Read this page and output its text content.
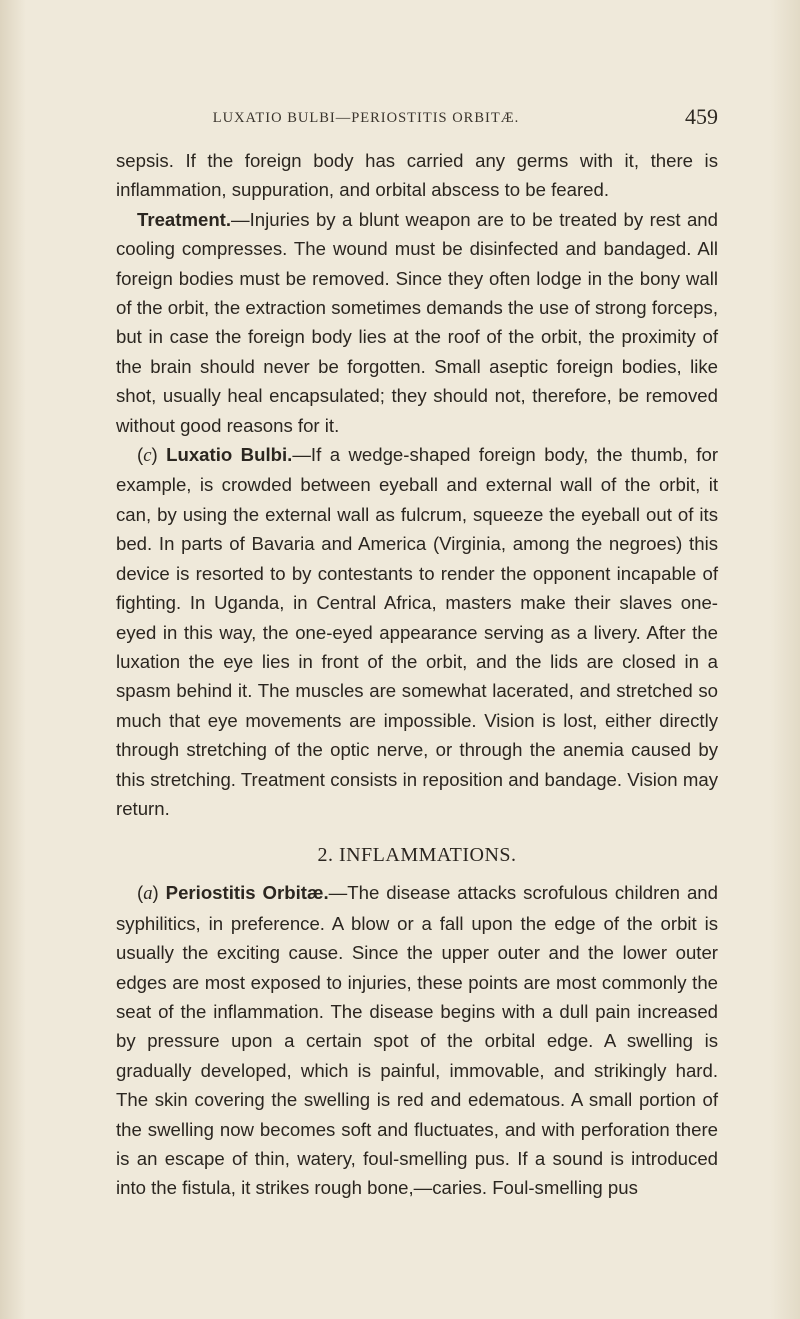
LUXATIO BULBI—PERIOSTITIS ORBITÆ.	459

sepsis. If the foreign body has carried any germs with it, there is inflammation, suppuration, and orbital abscess to be feared.

Treatment.—Injuries by a blunt weapon are to be treated by rest and cooling compresses. The wound must be disinfected and bandaged. All foreign bodies must be removed. Since they often lodge in the bony wall of the orbit, the extraction sometimes demands the use of strong forceps, but in case the foreign body lies at the roof of the orbit, the proximity of the brain should never be forgotten. Small aseptic foreign bodies, like shot, usually heal encapsulated; they should not, therefore, be removed without good reasons for it.

(c) Luxatio Bulbi.—If a wedge-shaped foreign body, the thumb, for example, is crowded between eyeball and external wall of the orbit, it can, by using the external wall as fulcrum, squeeze the eyeball out of its bed. In parts of Bavaria and America (Virginia, among the negroes) this device is resorted to by contestants to render the opponent incapable of fighting. In Uganda, in Central Africa, masters make their slaves one-eyed in this way, the one-eyed appearance serving as a livery. After the luxation the eye lies in front of the orbit, and the lids are closed in a spasm behind it. The muscles are somewhat lacerated, and stretched so much that eye movements are impossible. Vision is lost, either directly through stretching of the optic nerve, or through the anemia caused by this stretching. Treatment consists in reposition and bandage. Vision may return.

2. INFLAMMATIONS.

(a) Periostitis Orbitæ.—The disease attacks scrofulous children and syphilitics, in preference. A blow or a fall upon the edge of the orbit is usually the exciting cause. Since the upper outer and the lower outer edges are most exposed to injuries, these points are most commonly the seat of the inflammation. The disease begins with a dull pain increased by pressure upon a certain spot of the orbital edge. A swelling is gradually developed, which is painful, immovable, and strikingly hard. The skin covering the swelling is red and edematous. A small portion of the swelling now becomes soft and fluctuates, and with perforation there is an escape of thin, watery, foul-smelling pus. If a sound is introduced into the fistula, it strikes rough bone,—caries. Foul-smelling pus
